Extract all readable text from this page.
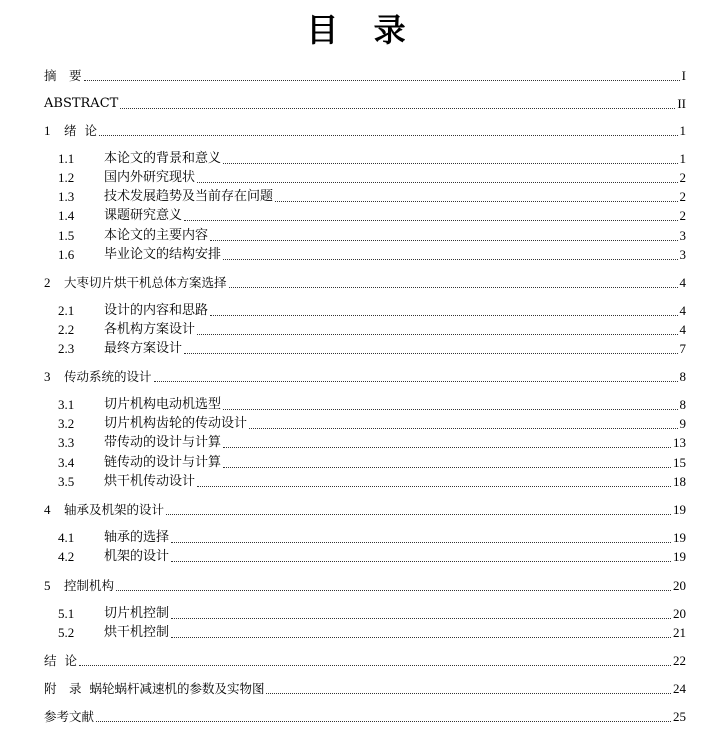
目 录
摘　要	I
ABSTRACT	II
1	绪  论	1
1.1	本论文的背景和意义	1
1.2	国内外研究现状	2
1.3	技术发展趋势及当前存在问题	2
1.4	课题研究意义	2
1.5	本论文的主要内容	3
1.6	毕业论文的结构安排	3
2	大枣切片烘干机总体方案选择	4
2.1	设计的内容和思路	4
2.2	各机构方案设计	4
2.3	最终方案设计	7
3	传动系统的设计	8
3.1	切片机构电动机选型	8
3.2	切片机构齿轮的传动设计	9
3.3	带传动的设计与计算	13
3.4	链传动的设计与计算	15
3.5	烘干机传动设计	18
4	轴承及机架的设计	19
4.1	轴承的选择	19
4.2	机架的设计	19
5	控制机构	20
5.1	切片机控制	20
5.2	烘干机控制	21
结  论	22
附　录  蜗轮蜗杆减速机的参数及实物图	24
参考文献	25
